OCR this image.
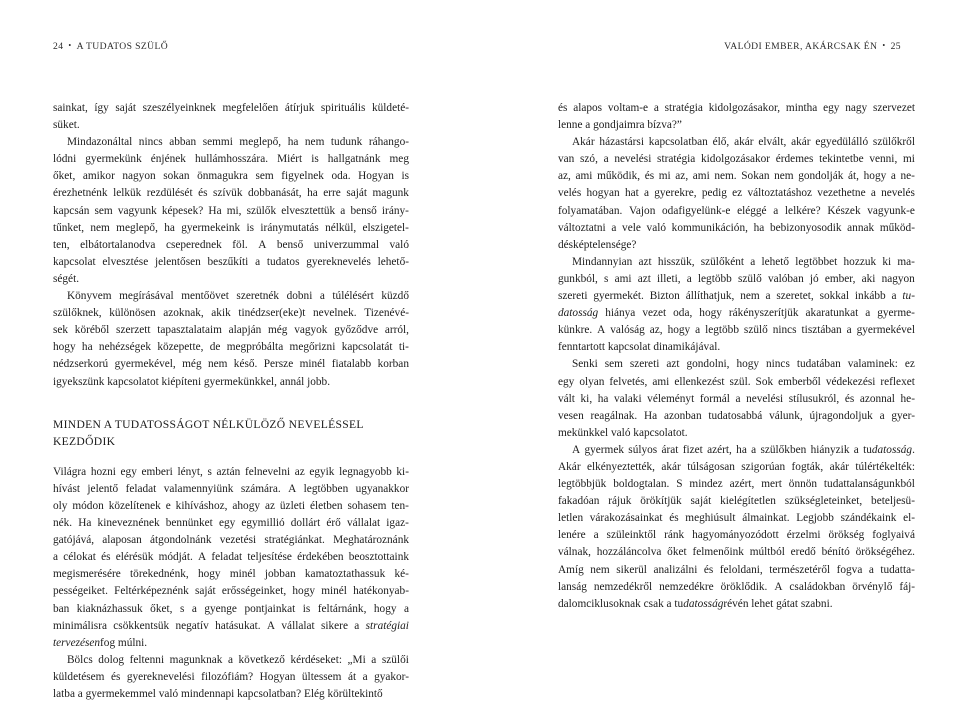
24 • A TUDATOS SZÜLŐ
sainkat, így saját szeszélyeinknek megfelelően átírjuk spirituális küldeté-
süket.
Mindazonáltal nincs abban semmi meglepő, ha nem tudunk ráhango-
lódni gyermekünk énjének hullámhosszára. Miért is hallgatnánk meg
őket, amikor nagyon sokan önmagukra sem figyelnek oda. Hogyan is
érezhetnénk lelkük rezdülését és szívük dobbanását, ha erre saját magunk
kapcsán sem vagyunk képesek? Ha mi, szülők elvesztettük a benső irány-
tűnket, nem meglepő, ha gyermekeink is iránymutatás nélkül, elszigetel-
ten, elbátortalanodva cseperednek föl. A benső univerzummal való
kapcsolat elvesztése jelentősen beszűkíti a tudatos gyereknevelés lehető-
ségét.
Könyvem megírásával mentőövet szeretnék dobni a túlélésért küzdő
szülőknek, különösen azoknak, akik tinédzser(eke)t nevelnek. Tizenévé-
sek köréből szerzett tapasztalataim alapján még vagyok győződve arról,
hogy ha nehézségek közepette, de megpróbálta megőrizni kapcsolatát ti-
nédzserkorú gyermekével, még nem késő. Persze minél fiatalabb korban
igyekszünk kapcsolatot kiépíteni gyermekünkkel, annál jobb.
MINDEN A TUDATOSSÁGOT NÉLKÜLÖZŐ NEVELÉSSEL
KEZDŐDIK
Világra hozni egy emberi lényt, s aztán felnevelni az egyik legnagyobb ki-
hívást jelentő feladat valamennyiünk számára. A legtöbben ugyanakkor
oly módon közelítenek e kihíváshoz, ahogy az üzleti életben sohasem ten-
nék. Ha kineveznének bennünket egy egymillió dollárt érő vállalat igaz-
gatójává, alaposan átgondolnánk vezetési stratégiánkat. Meghatároznánk
a célokat és elérésük módját. A feladat teljesítése érdekében beosztottaink
megismerésére törekednénk, hogy minél jobban kamatoztathassuk ké-
pességeiket. Feltérképeznénk saját erősségeinket, hogy minél hatékonyab-
ban kiaknázhassuk őket, s a gyenge pontjainkat is feltárnánk, hogy a
minimálisra csökkentsük negatív hatásukat. A vállalat sikere a stratégiai
tervezésen fog múlni.
Bölcs dolog feltenni magunknak a következő kérdéseket: „Mi a szülői
küldetésem és gyereknevelési filozófiám? Hogyan ültessem át a gyakor-
latba a gyermekemmel való mindennapi kapcsolatban? Elég körültekintő
VALÓDI EMBER, AKÁRCSAK ÉN • 25
és alapos voltam-e a stratégia kidolgozásakor, mintha egy nagy szervezet
lenne a gondjaimra bízva?”
Akár házastársi kapcsolatban élő, akár elvált, akár egyedülálló szülőkről
van szó, a nevelési stratégia kidolgozásakor érdemes tekintetbe venni, mi
az, ami működik, és mi az, ami nem. Sokan nem gondolják át, hogy a ne-
velés hogyan hat a gyerekre, pedig ez változtatáshoz vezethetne a nevelés
folyamatában. Vajon odafigyelünk-e eléggé a lelkére? Készek vagyunk-e
változtatni a vele való kommunikáción, ha bebizonyosodik annak működ-
désképtelensége?
Mindannyian azt hisszük, szülőként a lehető legtöbbet hozzuk ki ma-
gunkból, s ami azt illeti, a legtöbb szülő valóban jó ember, aki nagyon
szereti gyermekét. Bizton állíthatjuk, nem a szeretet, sokkal inkább a tu-
datosság hiánya vezet oda, hogy rákényszerítjük akaratunkat a gyerme-
künkre. A valóság az, hogy a legtöbb szülő nincs tisztában a gyermekével
fenntartott kapcsolat dinamikájával.
Senki sem szereti azt gondolni, hogy nincs tudatában valaminek: ez
egy olyan felvetés, ami ellenkezést szül. Sok emberből védekezési reflexet
vált ki, ha valaki véleményt formál a nevelési stílusukról, és azonnal he-
vesen reagálnak. Ha azonban tudatosabbá válunk, újragondoljuk a gyer-
mekünkkel való kapcsolatot.
A gyermek súlyos árat fizet azért, ha a szülőkben hiányzik a tudatosság.
Akár elkényeztették, akár túlságosan szigorúan fogták, akár túlértékelték:
legtöbbjük boldogtalan. S mindez azért, mert önnön tudattalanságunkból
fakadóan rájuk örökítjük saját kielégítetlen szükségleteinket, beteljesü-
letlen várakozásainkat és meghiúsult álmainkat. Legjobb szándékaink el-
lenére a szüleinktől ránk hagyományozódott érzelmi örökség foglyaivá
válnak, hozzáláncolva őket felmenőink múltból eredő bénító örökségéhez.
Amíg nem sikerül analizálni és feloldani, természetéről fogva a tudatta-
lanság nemzedékről nemzedékre öröklődik. A családokban örvénylő fáj-
dalomciklusoknak csak a tu datosság révén lehet gátat szabni.
